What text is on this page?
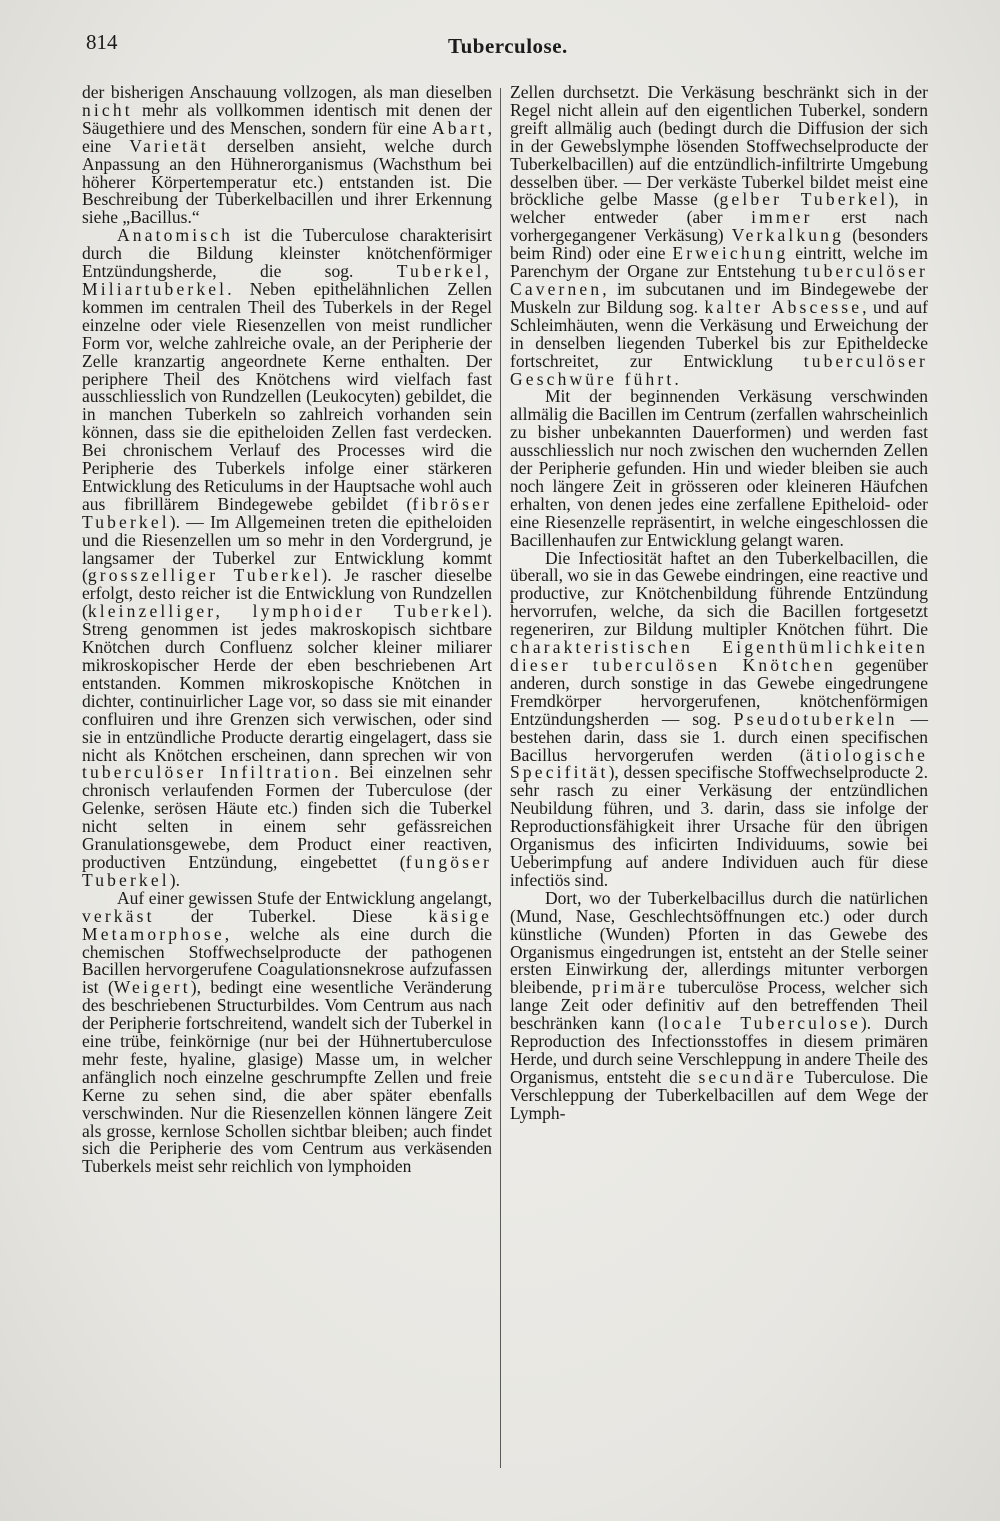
814	Tuberculose.

der bisherigen Anschauung vollzogen, als man dieselben nicht mehr als vollkommen identisch mit denen der Säugethiere und des Menschen, sondern für eine Abart, eine Varietät derselben ansieht, welche durch Anpassung an den Hühnerorganismus (Wachsthum bei höherer Körpertemperatur etc.) entstanden ist. Die Beschreibung der Tuberkelbacillen und ihrer Erkennung siehe „Bacillus.“

Anatomisch ist die Tuberculose charakterisirt durch die Bildung kleinster knötchenförmiger Entzündungsherde, die sog. Tuberkel, Miliartuberkel. Neben epithelähnlichen Zellen kommen im centralen Theil des Tuberkels in der Regel einzelne oder viele Riesenzellen von meist rundlicher Form vor, welche zahlreiche ovale, an der Peripherie der Zelle kranzartig angeordnete Kerne enthalten. Der periphere Theil des Knötchens wird vielfach fast ausschliesslich von Rundzellen (Leukocyten) gebildet, die in manchen Tuberkeln so zahlreich vorhanden sein können, dass sie die epitheloiden Zellen fast verdecken. Bei chronischem Verlauf des Processes wird die Peripherie des Tuberkels infolge einer stärkeren Entwicklung des Reticulums in der Hauptsache wohl auch aus fibrillärem Bindegewebe gebildet (fibröser Tuberkel). — Im Allgemeinen treten die epitheloiden und die Riesenzellen um so mehr in den Vordergrund, je langsamer der Tuberkel zur Entwicklung kommt (grosszelliger Tuberkel). Je rascher dieselbe erfolgt, desto reicher ist die Entwicklung von Rundzellen (kleinzelliger, lymphoider Tuberkel). Streng genommen ist jedes makroskopisch sichtbare Knötchen durch Confluenz solcher kleiner miliarer mikroskopischer Herde der eben beschriebenen Art entstanden. Kommen mikroskopische Knötchen in dichter, continuirlicher Lage vor, so dass sie mit einander confluiren und ihre Grenzen sich verwischen, oder sind sie in entzündliche Producte derartig eingelagert, dass sie nicht als Knötchen erscheinen, dann sprechen wir von tuberculöser Infiltration. Bei einzelnen sehr chronisch verlaufenden Formen der Tuberculose (der Gelenke, serösen Häute etc.) finden sich die Tuberkel nicht selten in einem sehr gefässreichen Granulationsgewebe, dem Product einer reactiven, productiven Entzündung, eingebettet (fungöser Tuberkel).

Auf einer gewissen Stufe der Entwicklung angelangt, verkäst der Tuberkel. Diese käsige Metamorphose, welche als eine durch die chemischen Stoffwechselproducte der pathogenen Bacillen hervorgerufene Coagulationsnekrose aufzufassen ist (Weigert), bedingt eine wesentliche Veränderung des beschriebenen Structurbildes. Vom Centrum aus nach der Peripherie fortschreitend, wandelt sich der Tuberkel in eine trübe, feinkörnige (nur bei der Hühnertuberculose mehr feste, hyaline, glasige) Masse um, in welcher anfänglich noch einzelne geschrumpfte Zellen und freie Kerne zu sehen sind, die aber später ebenfalls verschwinden. Nur die Riesenzellen können längere Zeit als grosse, kernlose Schollen sichtbar bleiben; auch findet sich die Peripherie des vom Centrum aus verkäsenden Tuberkels meist sehr reichlich von lymphoiden

Zellen durchsetzt. Die Verkäsung beschränkt sich in der Regel nicht allein auf den eigentlichen Tuberkel, sondern greift allmälig auch (bedingt durch die Diffusion der sich in der Gewebslymphe lösenden Stoffwechselproducte der Tuberkelbacillen) auf die entzündlich-infiltrirte Umgebung desselben über. — Der verkäste Tuberkel bildet meist eine bröckliche gelbe Masse (gelber Tuberkel), in welcher entweder (aber immer erst nach vorhergegangener Verkäsung) Verkalkung (besonders beim Rind) oder eine Erweichung eintritt, welche im Parenchym der Organe zur Entstehung tuberculöser Cavernen, im subcutanen und im Bindegewebe der Muskeln zur Bildung sog. kalter Abscesse, und auf Schleimhäuten, wenn die Verkäsung und Erweichung der in denselben liegenden Tuberkel bis zur Epitheldecke fortschreitet, zur Entwicklung tuberculöser Geschwüre führt.

Mit der beginnenden Verkäsung verschwinden allmälig die Bacillen im Centrum (zerfallen wahrscheinlich zu bisher unbekannten Dauerformen) und werden fast ausschliesslich nur noch zwischen den wuchernden Zellen der Peripherie gefunden. Hin und wieder bleiben sie auch noch längere Zeit in grösseren oder kleineren Häufchen erhalten, von denen jedes eine zerfallene Epitheloid- oder eine Riesenzelle repräsentirt, in welche eingeschlossen die Bacillenhaufen zur Entwicklung gelangt waren.

Die Infectiosität haftet an den Tuberkelbacillen, die überall, wo sie in das Gewebe eindringen, eine reactive und productive, zur Knötchenbildung führende Entzündung hervorrufen, welche, da sich die Bacillen fortgesetzt regeneriren, zur Bildung multipler Knötchen führt. Die charakteristischen Eigenthümlichkeiten dieser tuberculösen Knötchen gegenüber anderen, durch sonstige in das Gewebe eingedrungene Fremdkörper hervorgerufenen, knötchenförmigen Entzündungsherden — sog. Pseudotuberkeln — bestehen darin, dass sie 1. durch einen specifischen Bacillus hervorgerufen werden (ätiologische Specifität), dessen specifische Stoffwechselproducte 2. sehr rasch zu einer Verkäsung der entzündlichen Neubildung führen, und 3. darin, dass sie infolge der Reproductionsfähigkeit ihrer Ursache für den übrigen Organismus des inficirten Individuums, sowie bei Ueberimpfung auf andere Individuen auch für diese infectiös sind.

Dort, wo der Tuberkelbacillus durch die natürlichen (Mund, Nase, Geschlechtsöffnungen etc.) oder durch künstliche (Wunden) Pforten in das Gewebe des Organismus eingedrungen ist, entsteht an der Stelle seiner ersten Einwirkung der, allerdings mitunter verborgen bleibende, primäre tuberculöse Process, welcher sich lange Zeit oder definitiv auf den betreffenden Theil beschränken kann (locale Tuberculose). Durch Reproduction des Infectionsstoffes in diesem primären Herde, und durch seine Verschleppung in andere Theile des Organismus, entsteht die secundäre Tuberculose. Die Verschleppung der Tuberkelbacillen auf dem Wege der Lymph-
